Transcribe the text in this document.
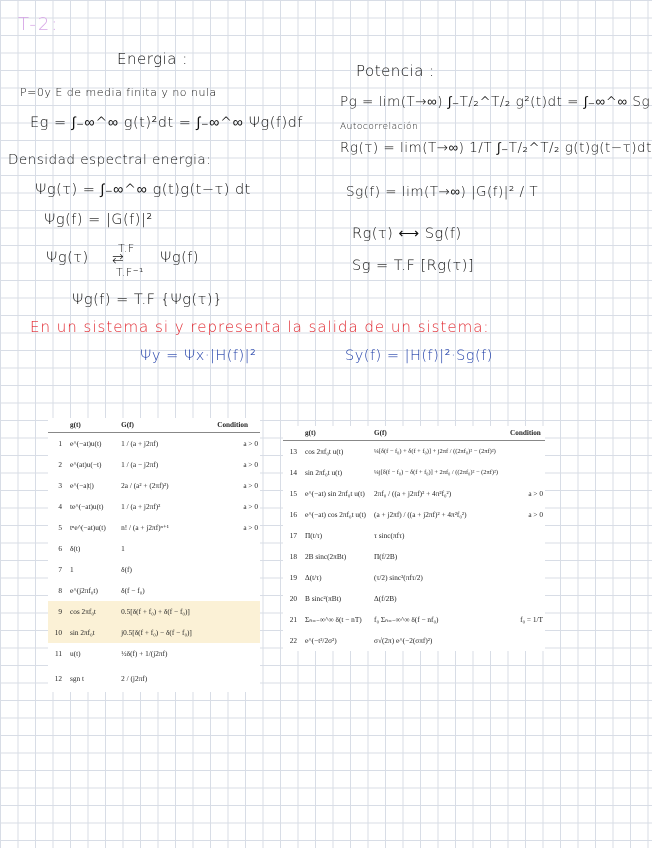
T-2:
Energia :
P=0y E de media finita y no nula
Eg = ∫₋∞^∞ g(t)²dt = ∫₋∞^∞ Ψg(f)df
Densidad espectral energia:
Ψg(τ) = ∫₋∞^∞ g(t)g(t−τ) dt
Ψg(f) = |G(f)|²
Ψg(τ)
T.F
⇄
T.F⁻¹
Ψg(f)
Ψg(f) = T.F {Ψg(τ)}
Potencia :
Pg = lim(T→∞) ∫₋T/₂^T/₂ g²(t)dt = ∫₋∞^∞ Sg
Autocorrelación
Rg(τ) = lim(T→∞) 1/T ∫₋T/₂^T/₂ g(t)g(t−τ)dt
Sg(f) = lim(T→∞) |G(f)|² / T
Rg(τ) ⟷ Sg(f)
Sg = T.F [Rg(τ)]
En un sistema si y representa la salida de un sistema:
Ψy = Ψx·|H(f)|²	Sy(f) = |H(f)|²·Sg(f)
	g(t)	G(f)	Condition
1	e^(−at)u(t)	1 / (a + j2πf)	a > 0
2	e^(at)u(−t)	1 / (a − j2πf)	a > 0
3	e^(−a|t|)	2a / (a² + (2πf)²)	a > 0
4	te^(−at)u(t)	1 / (a + j2πf)²	a > 0
5	tⁿe^(−at)u(t)	n! / (a + j2πf)ⁿ⁺¹	a > 0
6	δ(t)	1	
7	1	δ(f)	
8	e^(j2πf₀t)	δ(f − f₀)	
9	cos 2πf₀t	0.5[δ(f + f₀) + δ(f − f₀)]	
10	sin 2πf₀t	j0.5[δ(f + f₀) − δ(f − f₀)]	
11	u(t)	½δ(f) + 1/(j2πf)	
12	sgn t	2 / (j2πf)	
	g(t)	G(f)	Condition
13	cos 2πf₀t u(t)	¼[δ(f − f₀) + δ(f + f₀)] + j2πf / ((2πf₀)² − (2πf)²)	
14	sin 2πf₀t u(t)	¼j[δ(f − f₀) − δ(f + f₀)] + 2πf₀ / ((2πf₀)² − (2πf)²)	
15	e^(−at) sin 2πf₀t u(t)	2πf₀ / ((a + j2πf)² + 4π²f₀²)	a > 0
16	e^(−at) cos 2πf₀t u(t)	(a + j2πf) / ((a + j2πf)² + 4π²f₀²)	a > 0
17	Π(t/τ)	τ sinc(πfτ)	
18	2B sinc(2πBt)	Π(f/2B)	
19	Δ(t/τ)	(τ/2) sinc²(πfτ/2)	
20	B sinc²(πBt)	Δ(f/2B)	
21	Σₙ₌₋∞^∞ δ(t − nT)	f₀ Σₙ₌₋∞^∞ δ(f − nf₀)	f₀ = 1/T
22	e^(−t²/2σ²)	σ√(2π) e^(−2(σπf)²)	
